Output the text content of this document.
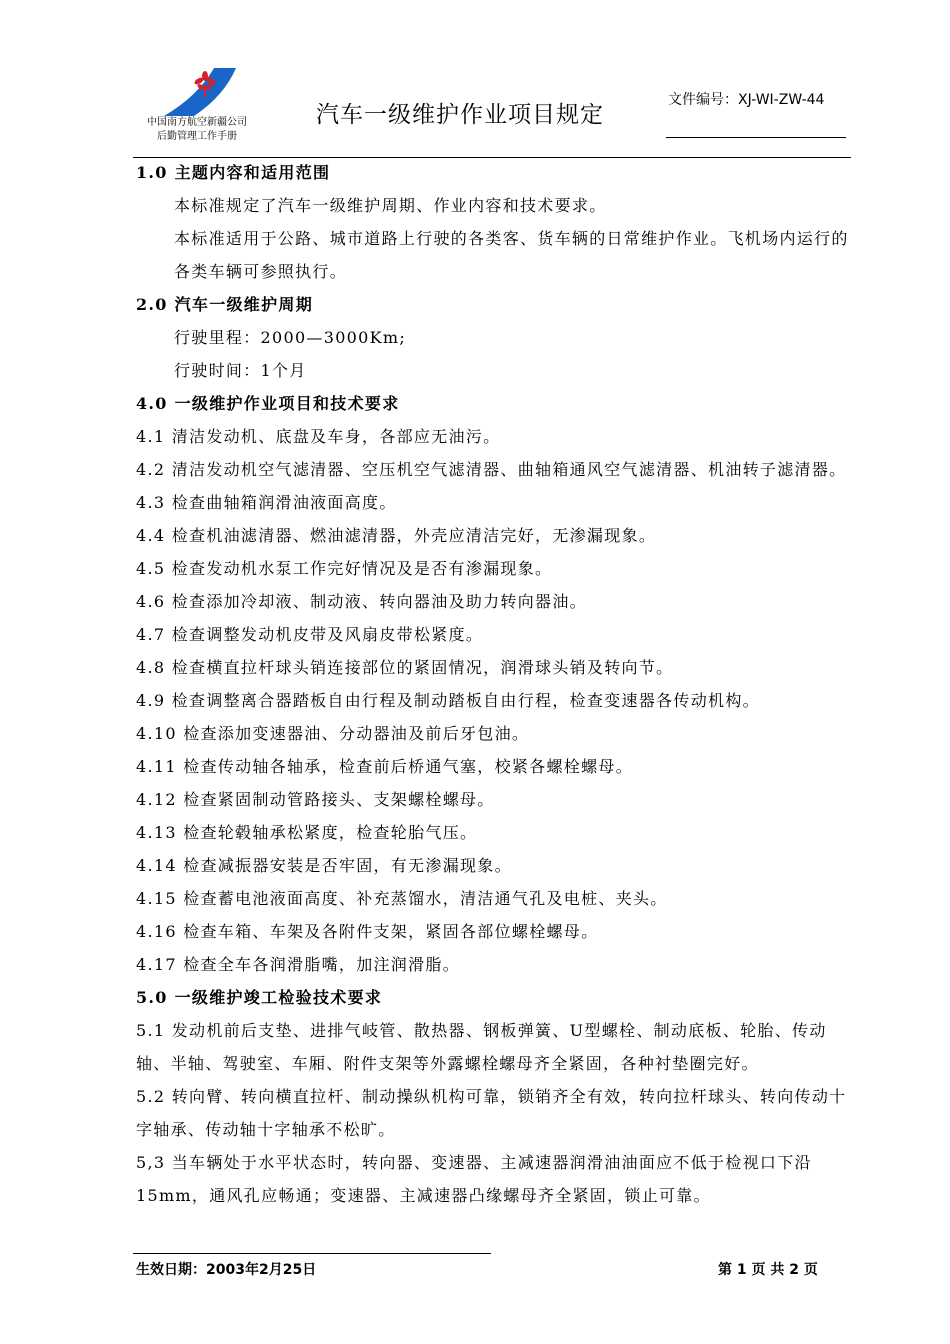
中国南方航空新疆公司
后勤管理工作手册
汽车一级维护作业项目规定
文件编号：XJ-WI-ZW-44

1.0 主题内容和适用范围

本标准规定了汽车一级维护周期、作业内容和技术要求。

本标准适用于公路、城市道路上行驶的各类客、货车辆的日常维护作业。飞机场内运行的各类车辆可参照执行。

2.0 汽车一级维护周期

行驶里程：2000—3000Km;

行驶时间：1个月

4.0 一级维护作业项目和技术要求

4.1 清洁发动机、底盘及车身，各部应无油污。

4.2 清洁发动机空气滤清器、空压机空气滤清器、曲轴箱通风空气滤清器、机油转子滤清器。

4.3 检查曲轴箱润滑油液面高度。

4.4 检查机油滤清器、燃油滤清器，外壳应清洁完好，无渗漏现象。

4.5 检查发动机水泵工作完好情况及是否有渗漏现象。

4.6 检查添加冷却液、制动液、转向器油及助力转向器油。

4.7 检查调整发动机皮带及风扇皮带松紧度。

4.8 检查横直拉杆球头销连接部位的紧固情况，润滑球头销及转向节。

4.9 检查调整离合器踏板自由行程及制动踏板自由行程，检查变速器各传动机构。

4.10 检查添加变速器油、分动器油及前后牙包油。

4.11 检查传动轴各轴承，检查前后桥通气塞，校紧各螺栓螺母。

4.12 检查紧固制动管路接头、支架螺栓螺母。

4.13 检查轮毂轴承松紧度，检查轮胎气压。

4.14 检查减振器安装是否牢固，有无渗漏现象。

4.15 检查蓄电池液面高度、补充蒸馏水，清洁通气孔及电桩、夹头。

4.16 检查车箱、车架及各附件支架，紧固各部位螺栓螺母。

4.17 检查全车各润滑脂嘴，加注润滑脂。

5.0 一级维护竣工检验技术要求

5.1 发动机前后支垫、进排气岐管、散热器、钢板弹簧、U型螺栓、制动底板、轮胎、传动轴、半轴、驾驶室、车厢、附件支架等外露螺栓螺母齐全紧固，各种衬垫圈完好。

5.2 转向臂、转向横直拉杆、制动操纵机构可靠，锁销齐全有效，转向拉杆球头、转向传动十字轴承、传动轴十字轴承不松旷。

5,3 当车辆处于水平状态时，转向器、变速器、主减速器润滑油油面应不低于检视口下沿15mm，通风孔应畅通；变速器、主减速器凸缘螺母齐全紧固，锁止可靠。

生效日期：2003年2月25日	第 1 页 共 2 页
